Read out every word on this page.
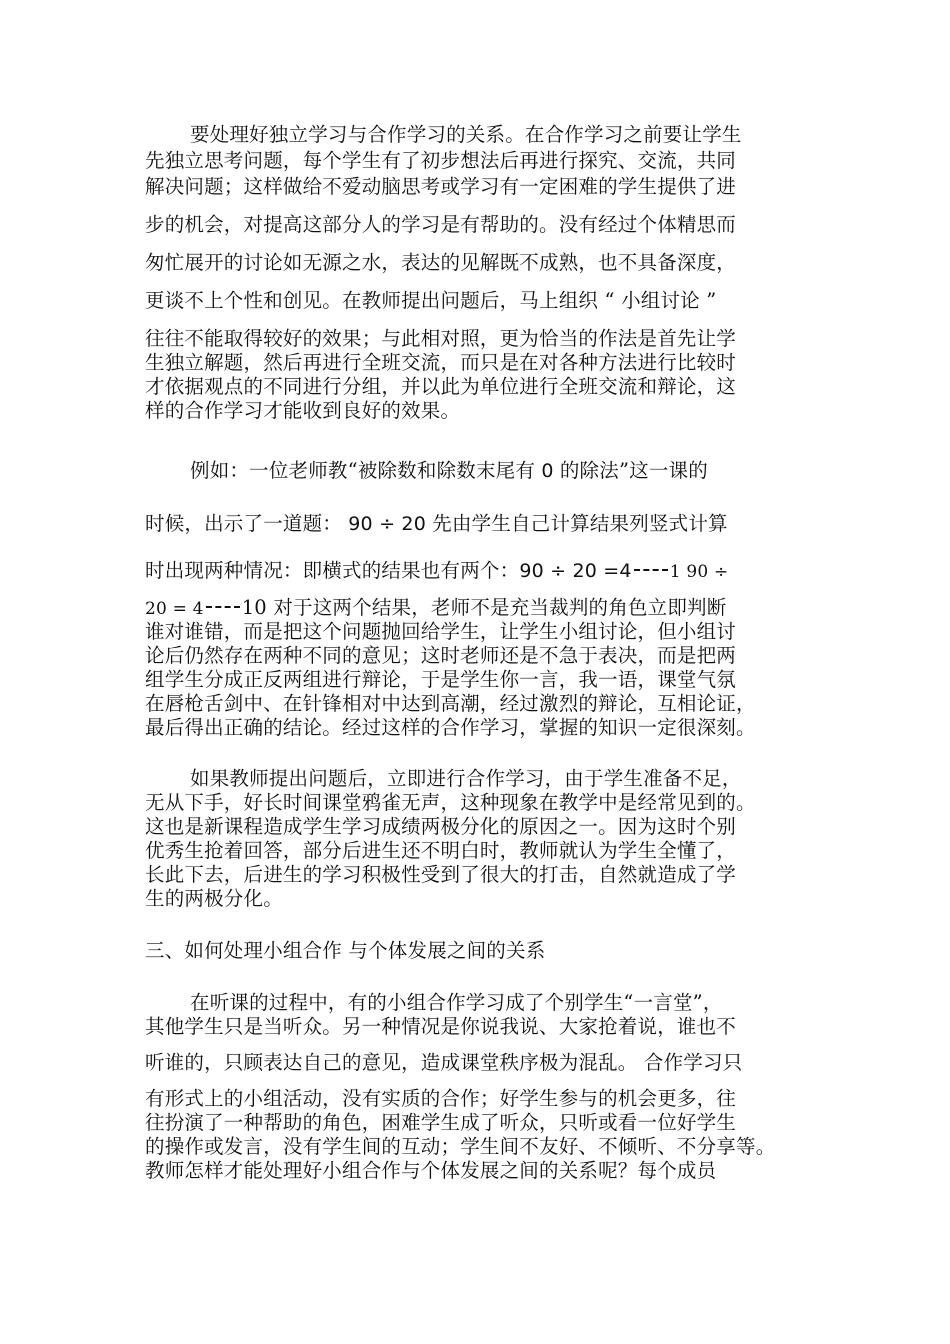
要处理好独立学习与合作学习的关系。在合作学习之前要让学生
先独立思考问题，每个学生有了初步想法后再进行探究、交流，共同
解决问题；这样做给不爱动脑思考或学习有一定困难的学生提供了进
步的机会，对提高这部分人的学习是有帮助的。没有经过个体精思而
匆忙展开的讨论如无源之水，表达的见解既不成熟，也不具备深度，
更谈不上个性和创见。在教师提出问题后，马上组织 “ 小组讨论 ”
往往不能取得较好的效果；与此相对照，更为恰当的作法是首先让学
生独立解题，然后再进行全班交流，而只是在对各种方法进行比较时
才依据观点的不同进行分组，并以此为单位进行全班交流和辩论，这
样的合作学习才能收到良好的效果。
例如：一位老师教“被除数和除数末尾有 0 的除法”这一课的
时候，出示了一道题： 90 ÷ 20 先由学生自己计算结果列竖式计算
时出现两种情况：即横式的结果也有两个：90 ÷ 20 =4 1 90 ÷
20 = 4 10 对于这两个结果，老师不是充当裁判的角色立即判断
谁对谁错，而是把这个问题抛回给学生，让学生小组讨论，但小组讨
论后仍然存在两种不同的意见；这时老师还是不急于表决，而是把两
组学生分成正反两组进行辩论，于是学生你一言，我一语，课堂气氛
在唇枪舌剑中、在针锋相对中达到高潮，经过激烈的辩论，互相论证，
最后得出正确的结论。经过这样的合作学习，掌握的知识一定很深刻。
如果教师提出问题后，立即进行合作学习，由于学生准备不足，
无从下手，好长时间课堂鸦雀无声，这种现象在教学中是经常见到的。
这也是新课程造成学生学习成绩两极分化的原因之一。因为这时个别
优秀生抢着回答，部分后进生还不明白时，教师就认为学生全懂了，
长此下去，后进生的学习积极性受到了很大的打击，自然就造成了学
生的两极分化。
三、如何处理小组合作 与个体发展之间的关系
在听课的过程中，有的小组合作学习成了个别学生“一言堂”，
其他学生只是当听众。另一种情况是你说我说、大家抢着说，谁也不
听谁的，只顾表达自己的意见，造成课堂秩序极为混乱。 合作学习只
有形式上的小组活动，没有实质的合作；好学生参与的机会更多，往
往扮演了一种帮助的角色，困难学生成了听众，只听或看一位好学生
的操作或发言，没有学生间的互动；学生间不友好、不倾听、不分享等。
教师怎样才能处理好小组合作与个体发展之间的关系呢？每个成员
